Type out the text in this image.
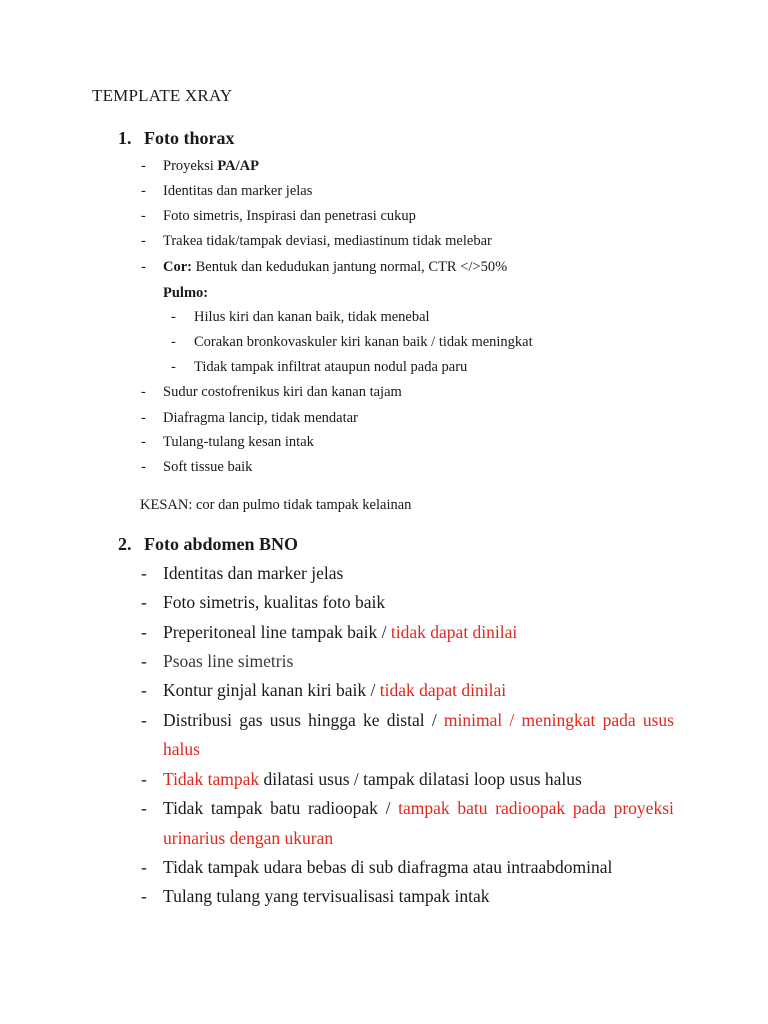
TEMPLATE XRAY
1. Foto thorax
- Proyeksi PA/AP
- Identitas dan marker jelas
- Foto simetris, Inspirasi dan penetrasi cukup
- Trakea tidak/tampak deviasi, mediastinum tidak melebar
- Cor: Bentuk dan kedudukan jantung normal, CTR </>50%
Pulmo:
- Hilus kiri dan kanan baik, tidak menebal
- Corakan bronkovaskuler kiri kanan baik / tidak meningkat
- Tidak tampak infiltrat ataupun nodul pada paru
- Sudur costofrenikus kiri dan kanan tajam
- Diafragma lancip, tidak mendatar
- Tulang-tulang kesan intak
- Soft tissue baik
KESAN: cor dan pulmo tidak tampak kelainan
2. Foto abdomen BNO
- Identitas dan marker jelas
- Foto simetris, kualitas foto baik
- Preperitoneal line tampak baik / tidak dapat dinilai
- Psoas line simetris
- Kontur ginjal kanan kiri baik / tidak dapat dinilai
- Distribusi gas usus hingga ke distal / minimal / meningkat pada usus
halus
- Tidak tampak dilatasi usus / tampak dilatasi loop usus halus
- Tidak tampak batu radioopak / tampak batu radioopak pada proyeksi
urinarius dengan ukuran
- Tidak tampak udara bebas di sub diafragma atau intraabdominal
- Tulang tulang yang tervisualisasi tampak intak
